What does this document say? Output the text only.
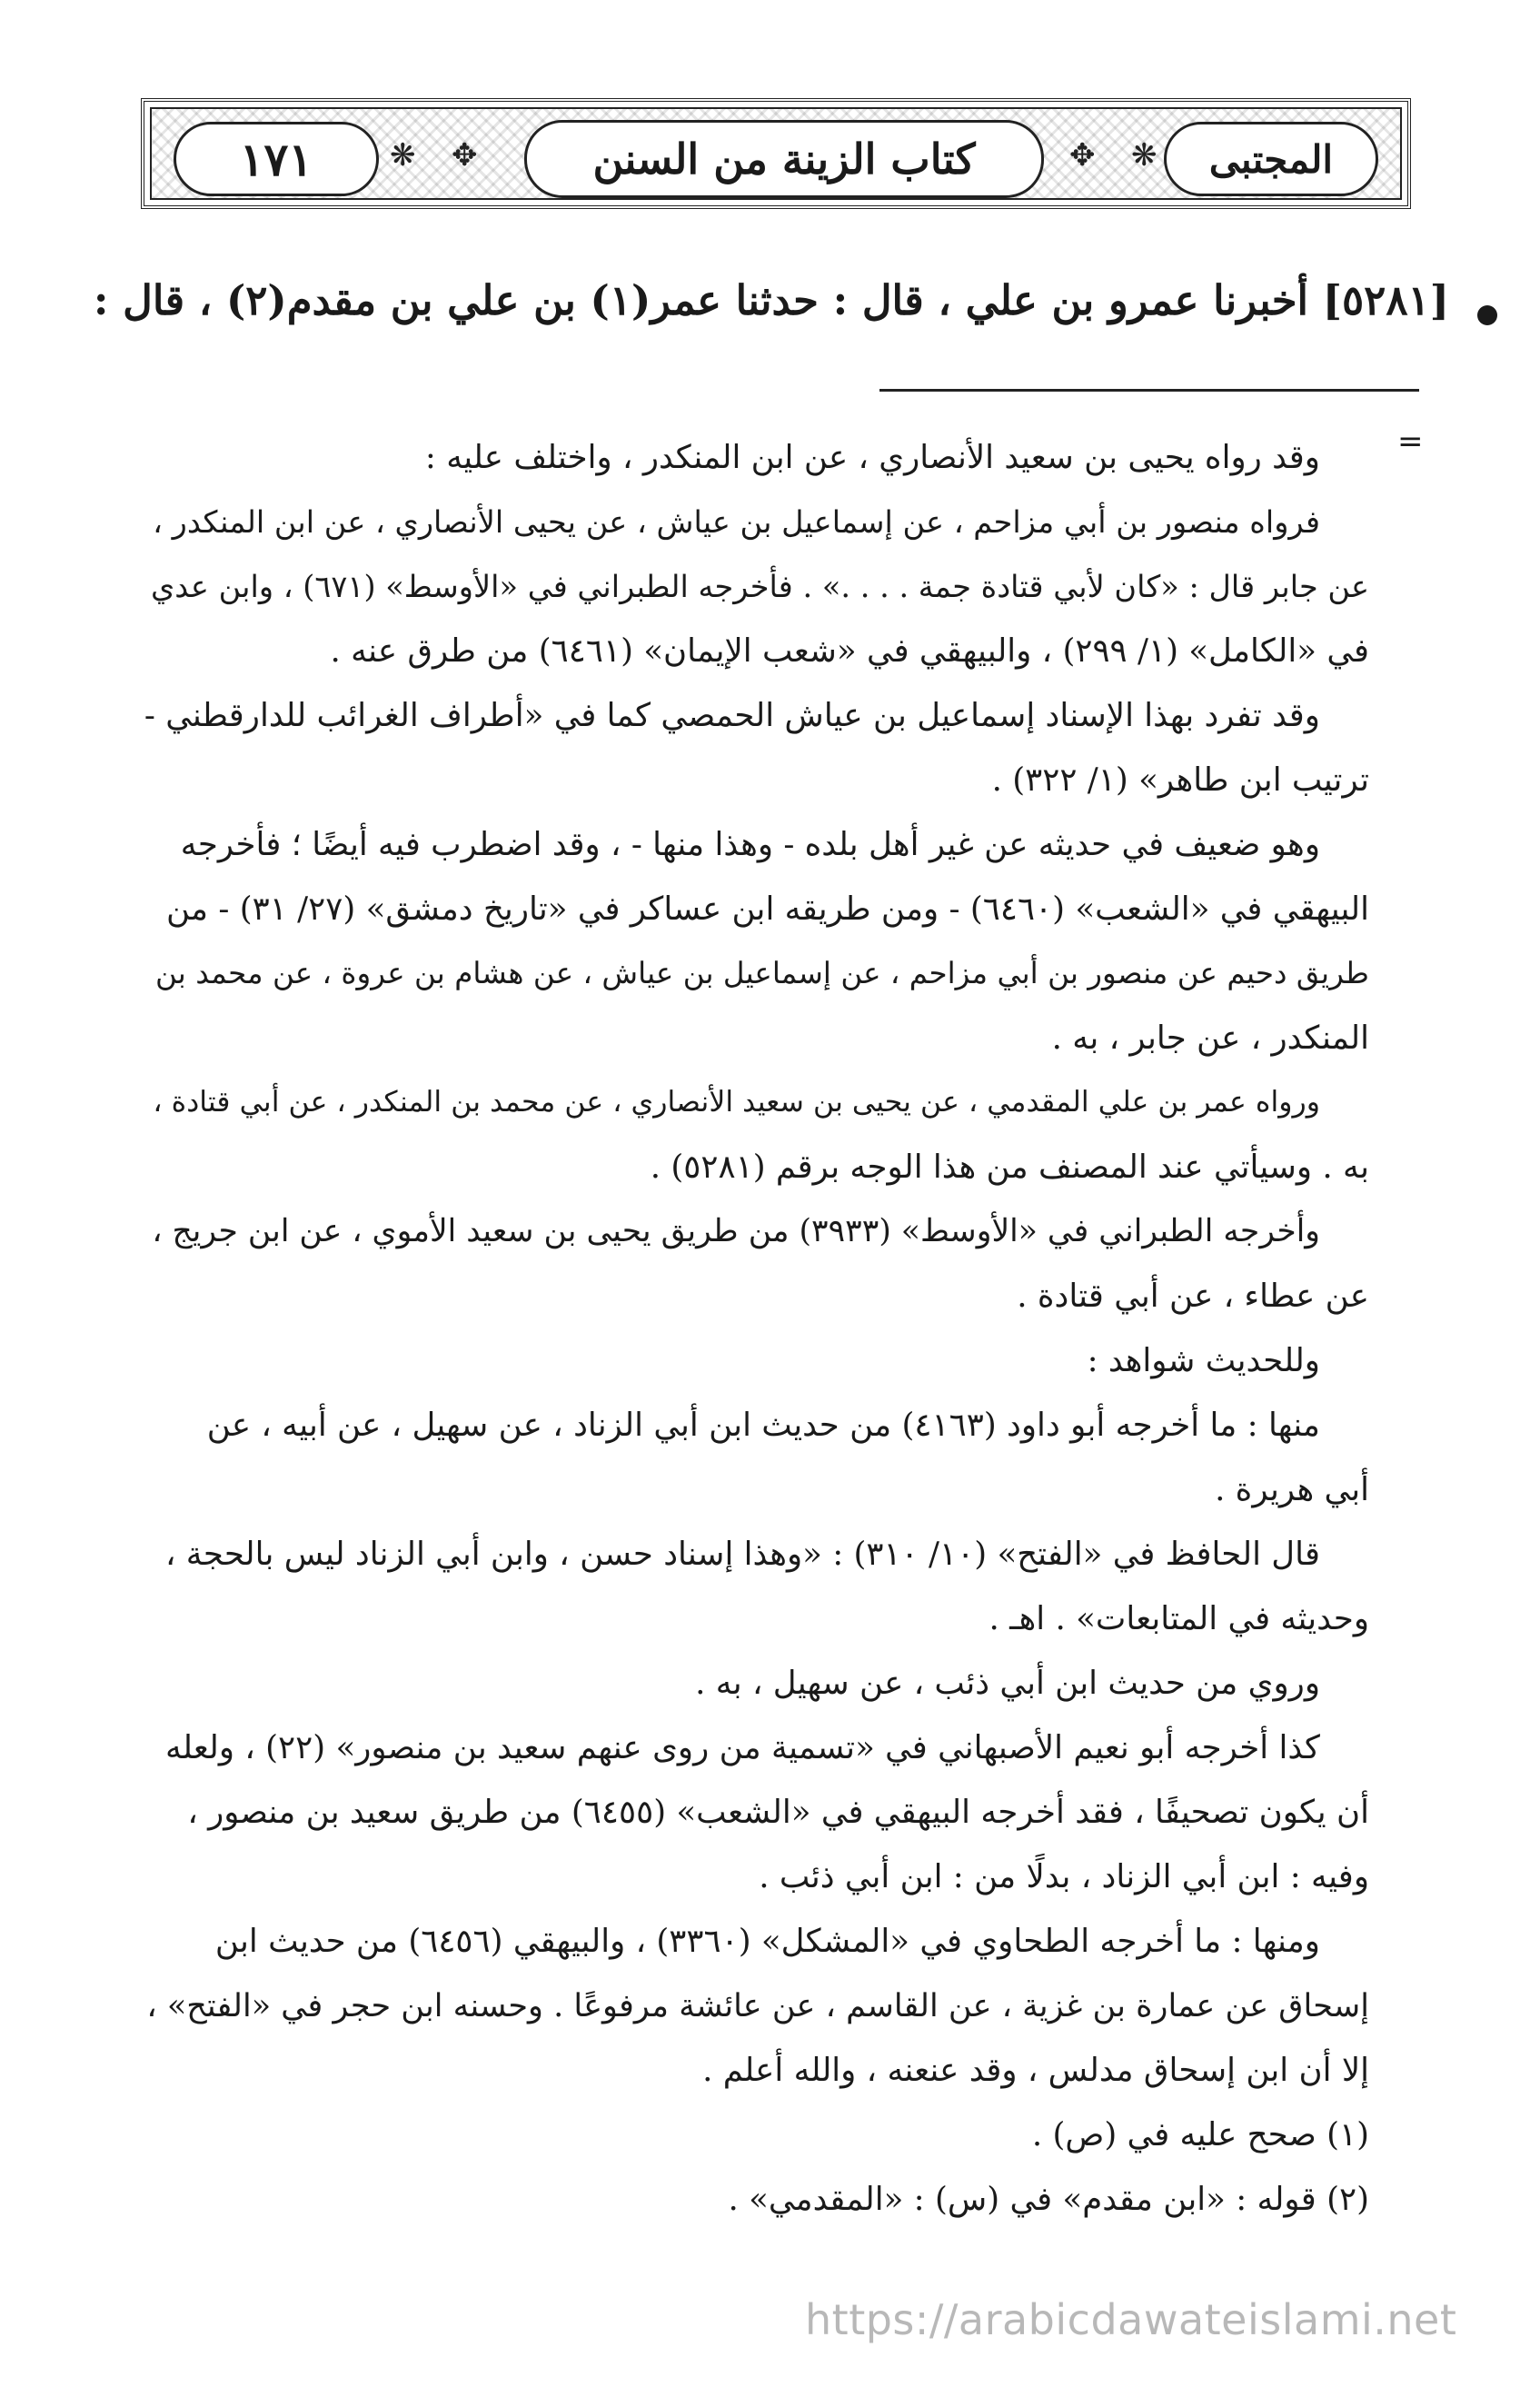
١٧١ ❋ ✥	كتاب الزينة من السنن	✥ ❋ المجتبى
[٥٢٨١] أخبرنا عمرو بن علي ، قال : حدثنا عمر(١) بن علي بن مقدم(٢) ، قال :
=

وقد رواه يحيى بن سعيد الأنصاري ، عن ابن المنكدر ، واختلف عليه :

فرواه منصور بن أبي مزاحم ، عن إسماعيل بن عياش ، عن يحيى الأنصاري ، عن ابن المنكدر ،

عن جابر قال : «كان لأبي قتادة جمة . . . .» . فأخرجه الطبراني في «الأوسط» (٦٧١) ، وابن عدي

في «الكامل» (١/ ٢٩٩) ، والبيهقي في «شعب الإيمان» (٦٤٦١) من طرق عنه .

وقد تفرد بهذا الإسناد إسماعيل بن عياش الحمصي كما في «أطراف الغرائب للدارقطني -

ترتيب ابن طاهر» (١/ ٣٢٢) .

وهو ضعيف في حديثه عن غير أهل بلده - وهذا منها - ، وقد اضطرب فيه أيضًا ؛ فأخرجه

البيهقي في «الشعب» (٦٤٦٠) - ومن طريقه ابن عساكر في «تاريخ دمشق» (٢٧/ ٣١) - من

طريق دحيم عن منصور بن أبي مزاحم ، عن إسماعيل بن عياش ، عن هشام بن عروة ، عن محمد بن

المنكدر ، عن جابر ، به .

ورواه عمر بن علي المقدمي ، عن يحيى بن سعيد الأنصاري ، عن محمد بن المنكدر ، عن أبي قتادة ،

به . وسيأتي عند المصنف من هذا الوجه برقم (٥٢٨١) .

وأخرجه الطبراني في «الأوسط» (٣٩٣٣) من طريق يحيى بن سعيد الأموي ، عن ابن جريج ،

عن عطاء ، عن أبي قتادة .

وللحديث شواهد :

منها : ما أخرجه أبو داود (٤١٦٣) من حديث ابن أبي الزناد ، عن سهيل ، عن أبيه ، عن

أبي هريرة .

قال الحافظ في «الفتح» (١٠/ ٣١٠) : «وهذا إسناد حسن ، وابن أبي الزناد ليس بالحجة ،

وحديثه في المتابعات» . اهـ .

وروي من حديث ابن أبي ذئب ، عن سهيل ، به .

كذا أخرجه أبو نعيم الأصبهاني في «تسمية من روى عنهم سعيد بن منصور» (٢٢) ، ولعله

أن يكون تصحيفًا ، فقد أخرجه البيهقي في «الشعب» (٦٤٥٥) من طريق سعيد بن منصور ،

وفيه : ابن أبي الزناد ، بدلًا من : ابن أبي ذئب .

ومنها : ما أخرجه الطحاوي في «المشكل» (٣٣٦٠) ، والبيهقي (٦٤٥٦) من حديث ابن

إسحاق عن عمارة بن غزية ، عن القاسم ، عن عائشة مرفوعًا . وحسنه ابن حجر في «الفتح» ،

إلا أن ابن إسحاق مدلس ، وقد عنعنه ، والله أعلم .

(١) صحح عليه في (ص) .

(٢) قوله : «ابن مقدم» في (س) : «المقدمي» .

https://arabicdawateislami.net
